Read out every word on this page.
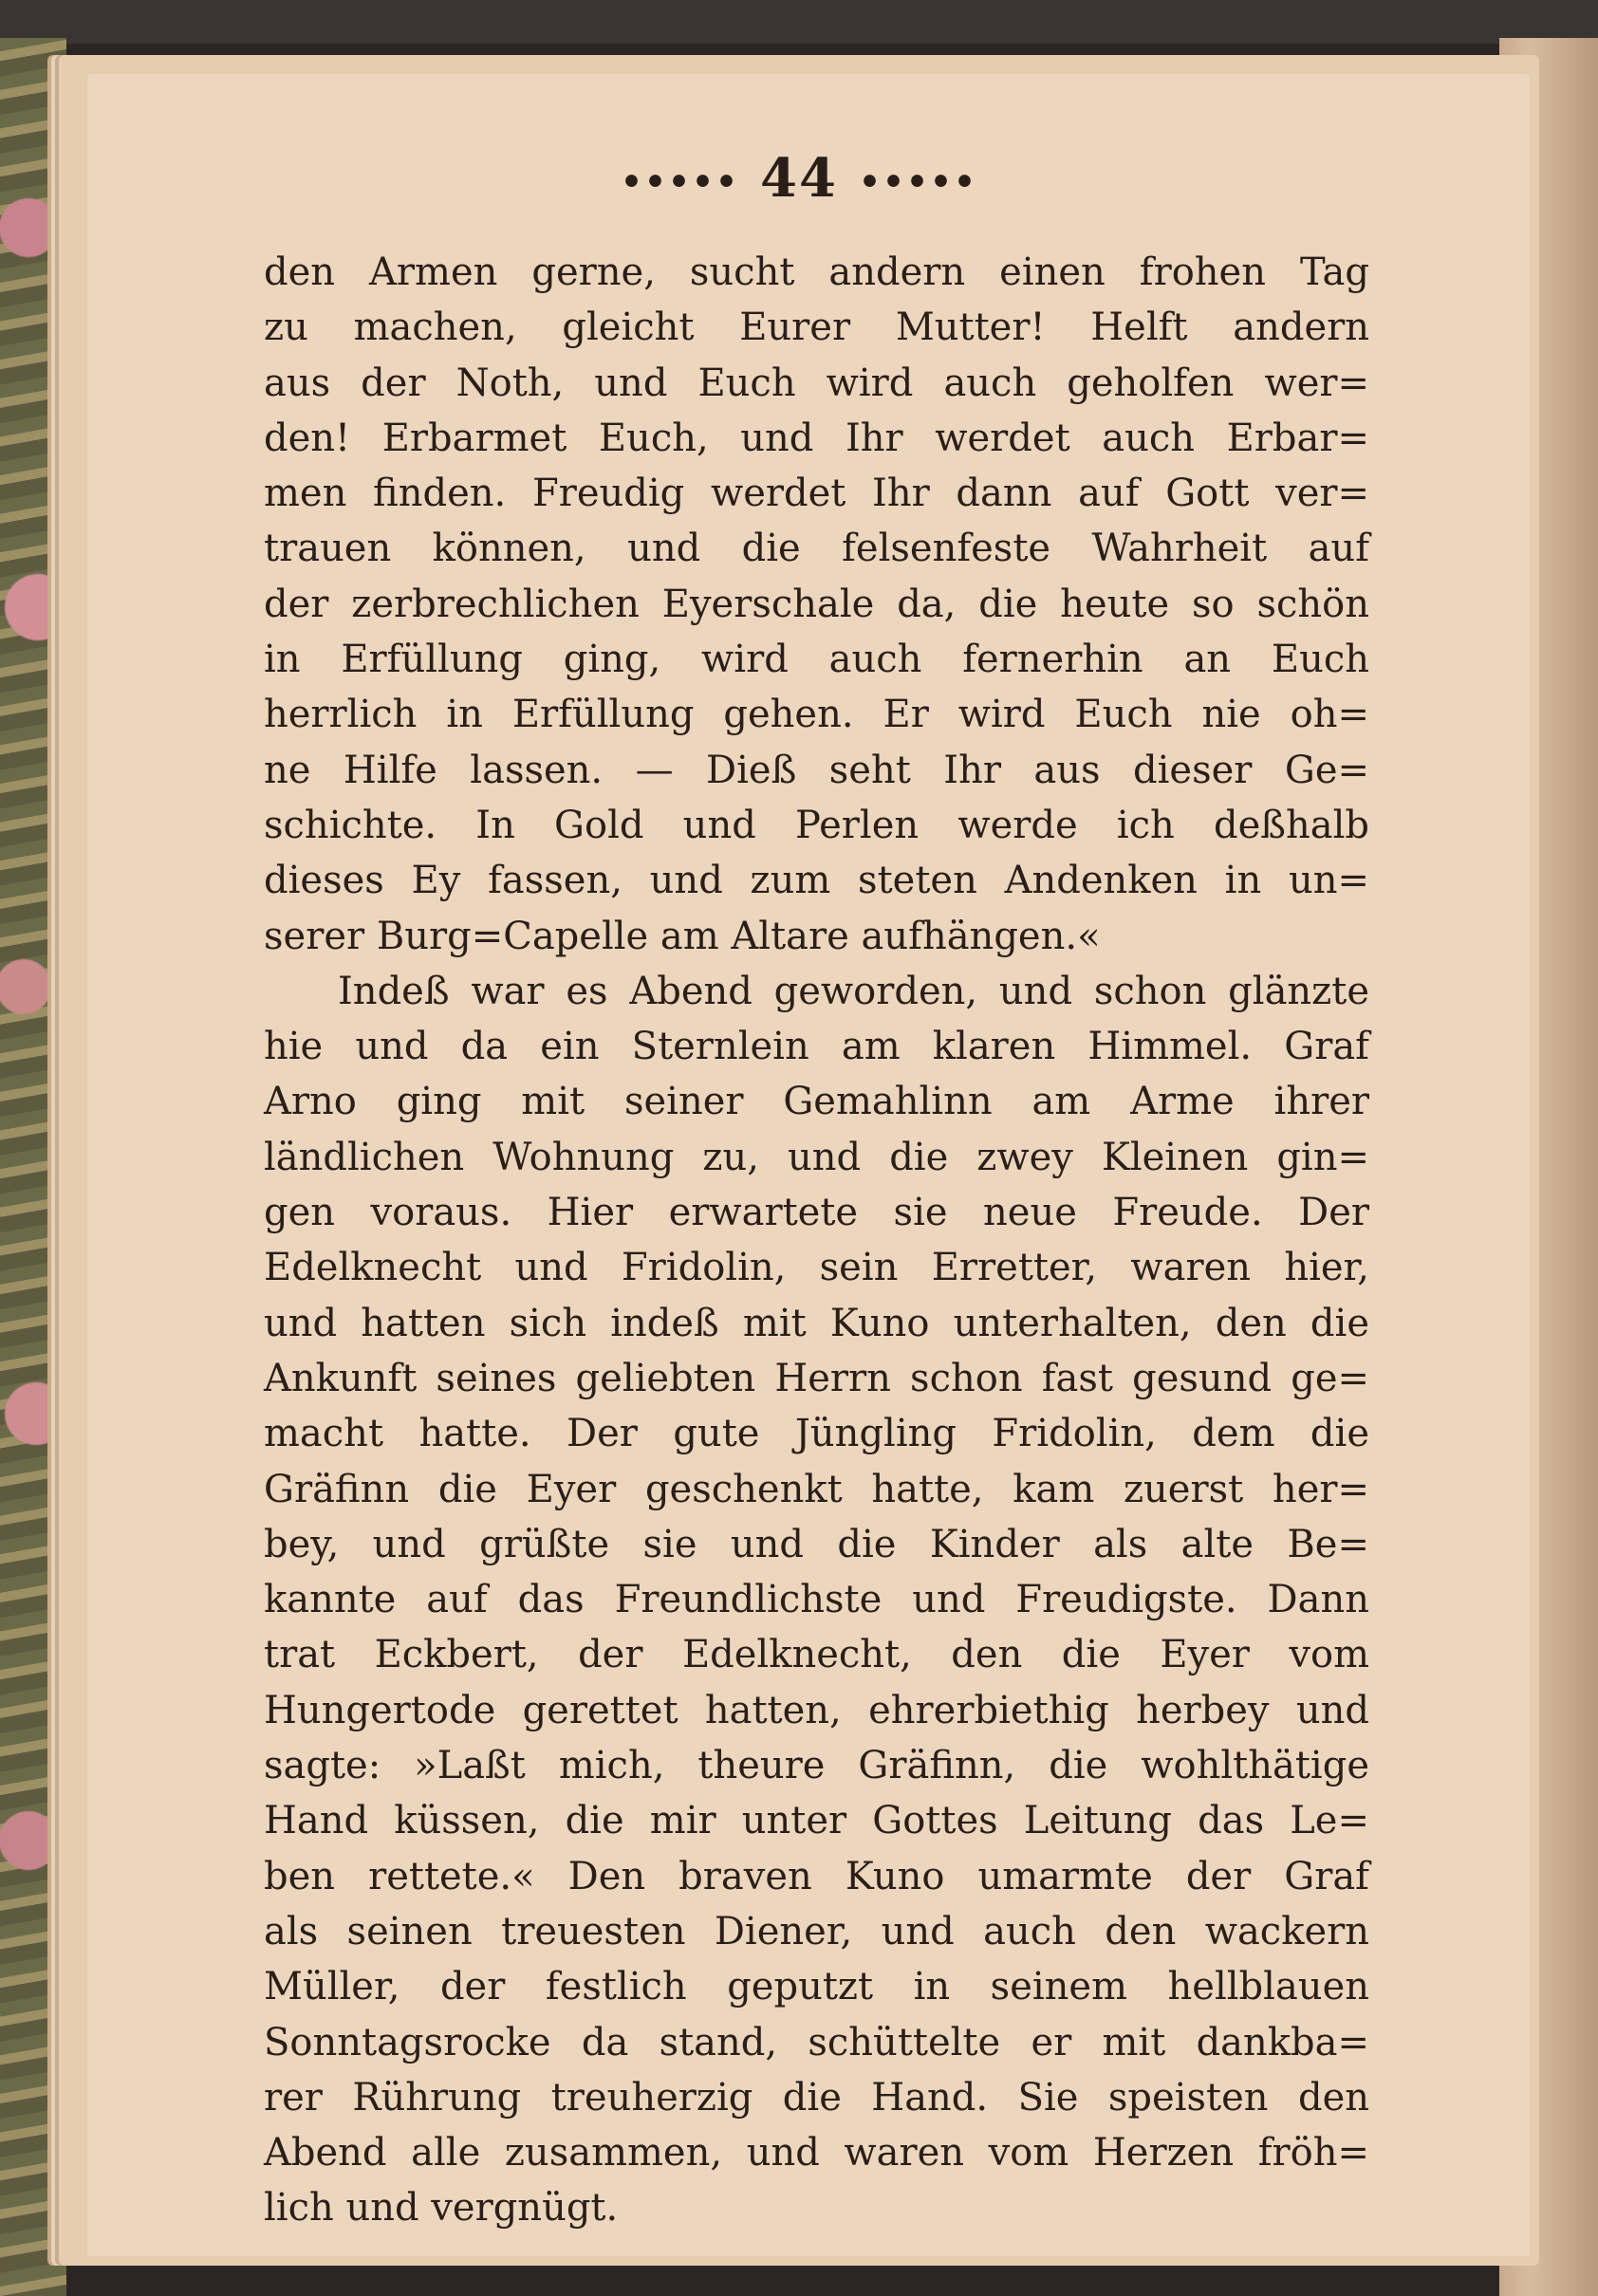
••••• 44 •••••
den Armen gerne, sucht andern einen frohen Tag
zu machen, gleicht Eurer Mutter! Helft andern
aus der Noth, und Euch wird auch geholfen wer=
den! Erbarmet Euch, und Ihr werdet auch Erbar=
men finden. Freudig werdet Ihr dann auf Gott ver=
trauen können, und die felsenfeste Wahrheit auf
der zerbrechlichen Eyerschale da, die heute so schön
in Erfüllung ging, wird auch fernerhin an Euch
herrlich in Erfüllung gehen. Er wird Euch nie oh=
ne Hilfe lassen. — Dieß seht Ihr aus dieser Ge=
schichte. In Gold und Perlen werde ich deßhalb
dieses Ey fassen, und zum steten Andenken in un=
serer Burg=Capelle am Altare aufhängen.«
Indeß war es Abend geworden, und schon glänzte
hie und da ein Sternlein am klaren Himmel. Graf
Arno ging mit seiner Gemahlinn am Arme ihrer
ländlichen Wohnung zu, und die zwey Kleinen gin=
gen voraus. Hier erwartete sie neue Freude. Der
Edelknecht und Fridolin, sein Erretter, waren hier,
und hatten sich indeß mit Kuno unterhalten, den die
Ankunft seines geliebten Herrn schon fast gesund ge=
macht hatte. Der gute Jüngling Fridolin, dem die
Gräfinn die Eyer geschenkt hatte, kam zuerst her=
bey, und grüßte sie und die Kinder als alte Be=
kannte auf das Freundlichste und Freudigste. Dann
trat Eckbert, der Edelknecht, den die Eyer vom
Hungertode gerettet hatten, ehrerbiethig herbey und
sagte: »Laßt mich, theure Gräfinn, die wohlthätige
Hand küssen, die mir unter Gottes Leitung das Le=
ben rettete.« Den braven Kuno umarmte der Graf
als seinen treuesten Diener, und auch den wackern
Müller, der festlich geputzt in seinem hellblauen
Sonntagsrocke da stand, schüttelte er mit dankba=
rer Rührung treuherzig die Hand. Sie speisten den
Abend alle zusammen, und waren vom Herzen fröh=
lich und vergnügt.
